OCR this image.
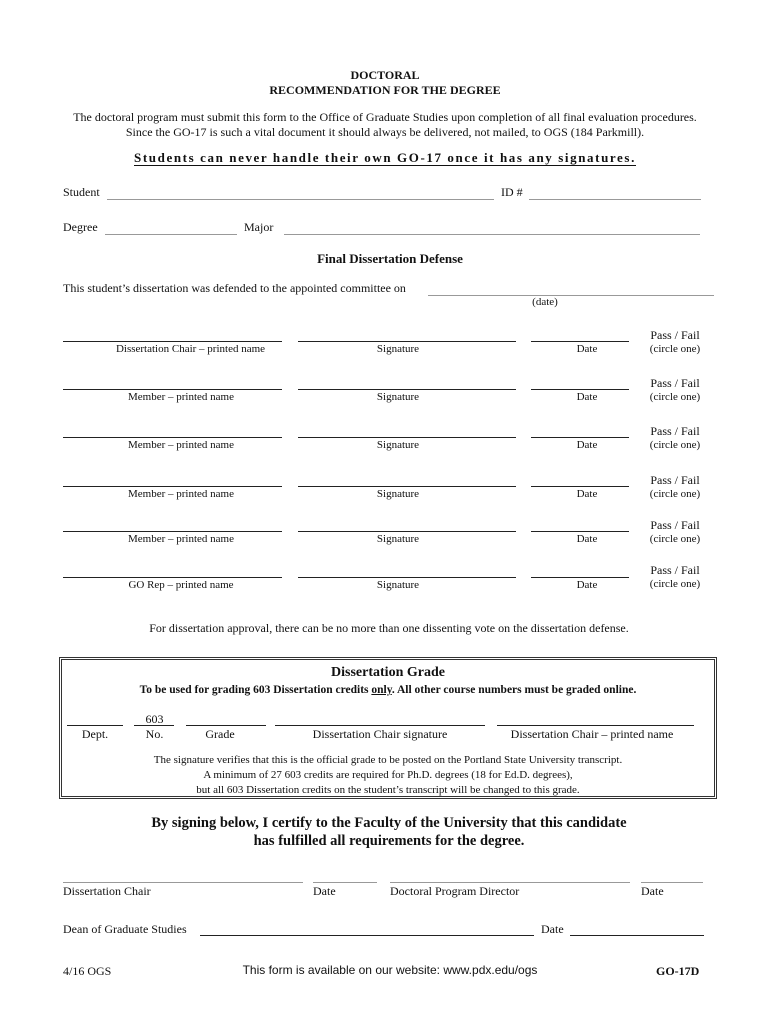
DOCTORAL
RECOMMENDATION FOR THE DEGREE
The doctoral program must submit this form to the Office of Graduate Studies upon completion of all final evaluation procedures.
Since the GO-17 is such a vital document it should always be delivered, not mailed, to OGS (184 Parkmill).
Students can never handle their own GO-17 once it has any signatures.
Student	ID #
Degree	Major
Final Dissertation Defense
This student’s dissertation was defended to the appointed committee on
(date)
Dissertation Chair – printed name	Signature	Date
Pass / Fail
(circle one)
Member – printed name	Signature	Date
Pass / Fail
(circle one)
Member – printed name	Signature	Date
Pass / Fail
(circle one)
Member – printed name	Signature	Date
Pass / Fail
(circle one)
Member – printed name	Signature	Date
Pass / Fail
(circle one)
GO Rep – printed name	Signature	Date
Pass / Fail
(circle one)
For dissertation approval, there can be no more than one dissenting vote on the dissertation defense.
Dissertation Grade
To be used for grading 603 Dissertation credits only. All other course numbers must be graded online.
603
Dept.	No.	Grade	Dissertation Chair signature	Dissertation Chair – printed name
The signature verifies that this is the official grade to be posted on the Portland State University transcript.
A minimum of 27 603 credits are required for Ph.D. degrees (18 for Ed.D. degrees),
but all 603 Dissertation credits on the student’s transcript will be changed to this grade.
By signing below, I certify to the Faculty of the University that this candidate
has fulfilled all requirements for the degree.
Dissertation Chair	Date	Doctoral Program Director	Date
Dean of Graduate Studies	Date
4/16 OGS	This form is available on our website: www.pdx.edu/ogs	GO-17D
